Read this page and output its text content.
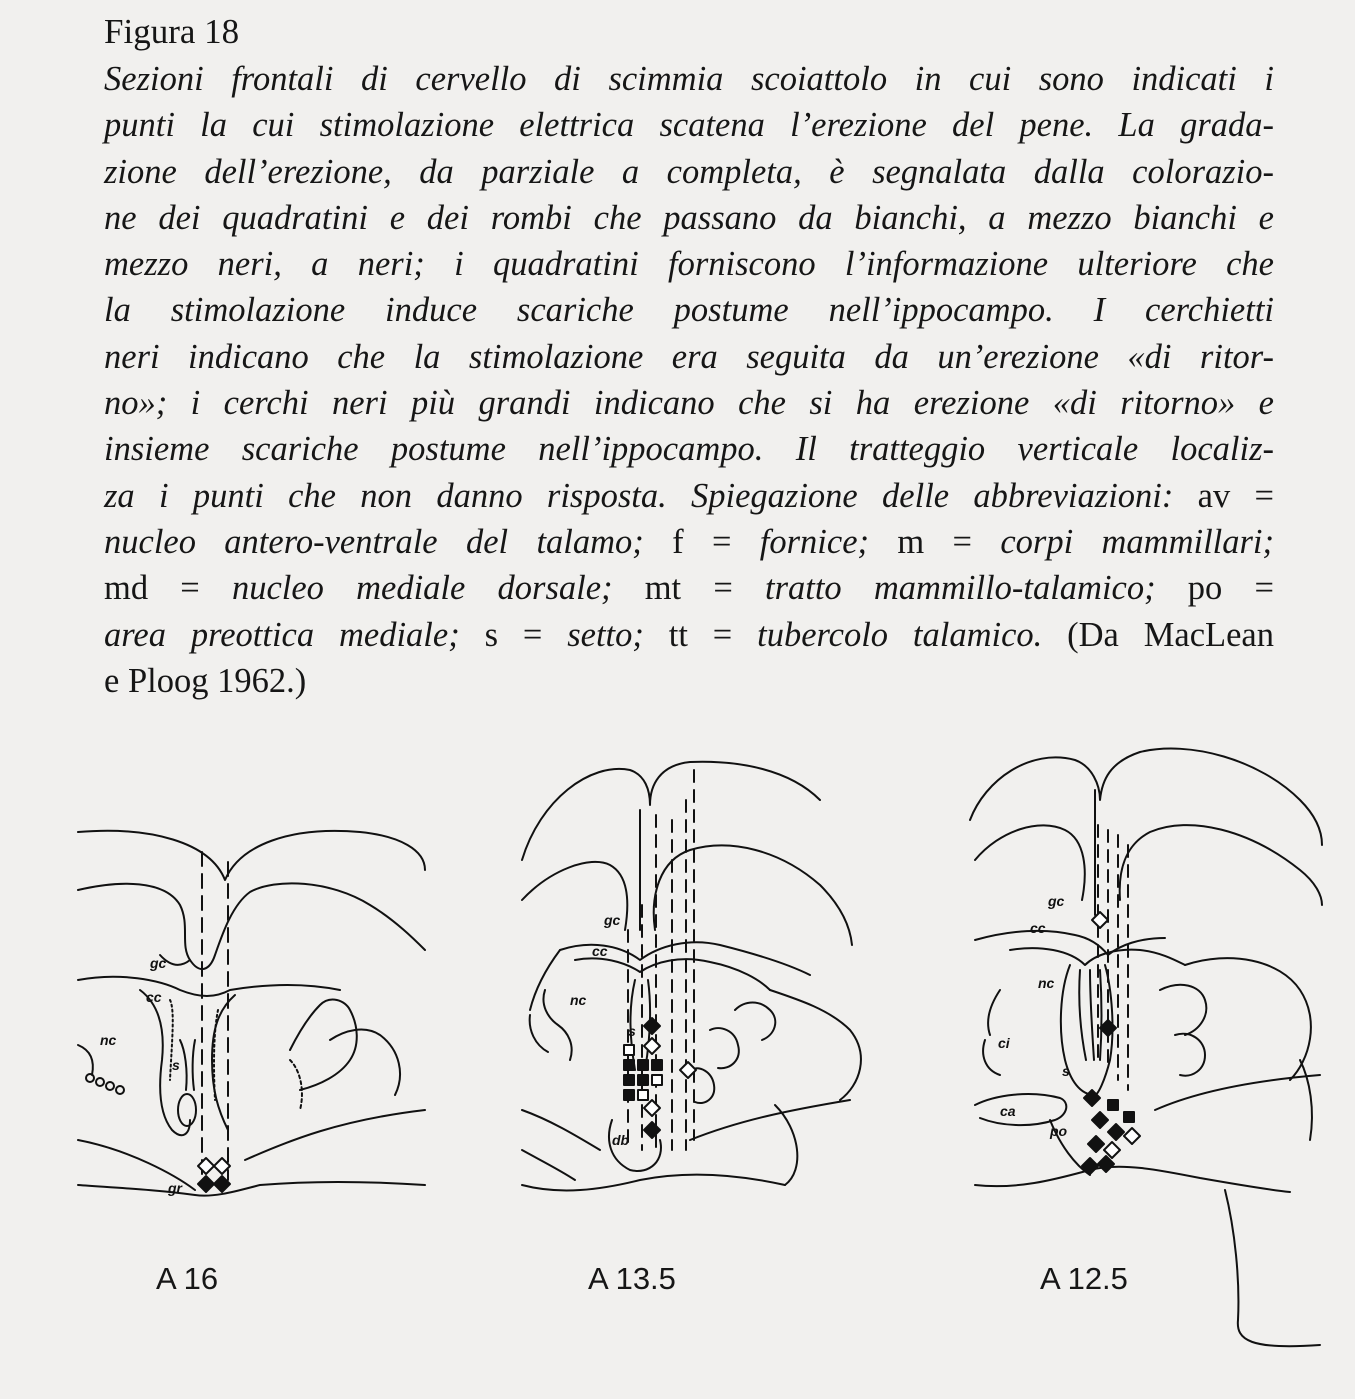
Figura 18
Sezioni frontali di cervello di scimmia scoiattolo in cui sono indicati i
punti la cui stimolazione elettrica scatena l’erezione del pene. La grada-
zione dell’erezione, da parziale a completa, è segnalata dalla colorazio-
ne dei quadratini e dei rombi che passano da bianchi, a mezzo bianchi e
mezzo neri, a neri; i quadratini forniscono l’informazione ulteriore che
la stimolazione induce scariche postume nell’ippocampo. I cerchietti
neri indicano che la stimolazione era seguita da un’erezione «di ritor-
no»; i cerchi neri più grandi indicano che si ha erezione «di ritorno» e
insieme scariche postume nell’ippocampo. Il tratteggio verticale localiz-
za i punti che non danno risposta. Spiegazione delle abbreviazioni: av =
nucleo antero-ventrale del talamo; f = fornice; m = corpi mammillari;
md = nucleo mediale dorsale; mt = tratto mammillo-talamico; po =
area preottica mediale; s = setto; tt = tubercolo talamico. (Da MacLean
e Ploog 1962.)
gc
cc
nc
s
gr
gc
cc
nc
s
db
gc
cc
nc
ci
s
ca
po
A 16	A 13.5	A 12.5
